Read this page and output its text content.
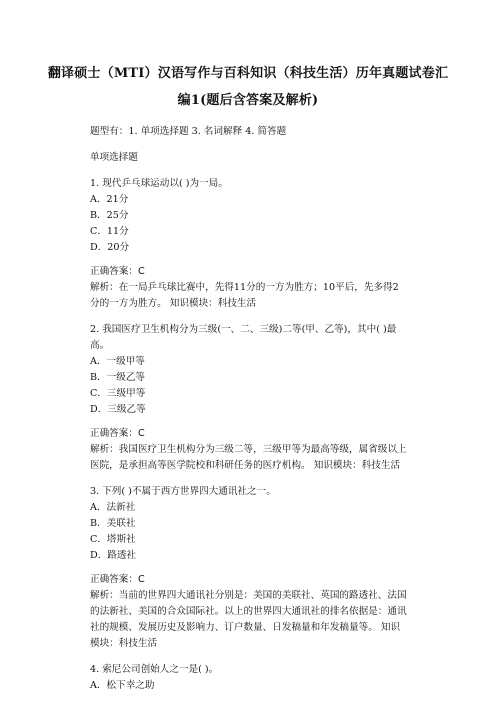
翻译硕士（MTI）汉语写作与百科知识（科技生活）历年真题试卷汇
编1(题后含答案及解析)
题型有：1. 单项选择题 3. 名词解释 4. 简答题
单项选择题
1. 现代乒乓球运动以( )为一局。
A．21分
B．25分
C．11分
D．20分
正确答案：C
解析：在一局乒乓球比赛中，先得11分的一方为胜方；10平后，先多得2分的一方为胜方。 知识模块：科技生活
2. 我国医疗卫生机构分为三级(一、二、三级)二等(甲、乙等)，其中( )最高。
A．一级甲等
B．一级乙等
C．三级甲等
D．三级乙等
正确答案：C
解析：我国医疗卫生机构分为三级二等，三级甲等为最高等级，属省级以上医院，是承担高等医学院校和科研任务的医疗机构。 知识模块：科技生活
3. 下列( )不属于西方世界四大通讯社之一。
A．法新社
B．美联社
C．塔斯社
D．路透社
正确答案：C
解析：当前的世界四大通讯社分别是：美国的美联社、英国的路透社、法国的法新社、美国的合众国际社。以上的世界四大通讯社的排名依据是：通讯社的规模、发展历史及影响力、订户数量、日发稿量和年发稿量等。 知识模块：科技生活
4. 索尼公司创始人之一是( )。
A．松下幸之助
